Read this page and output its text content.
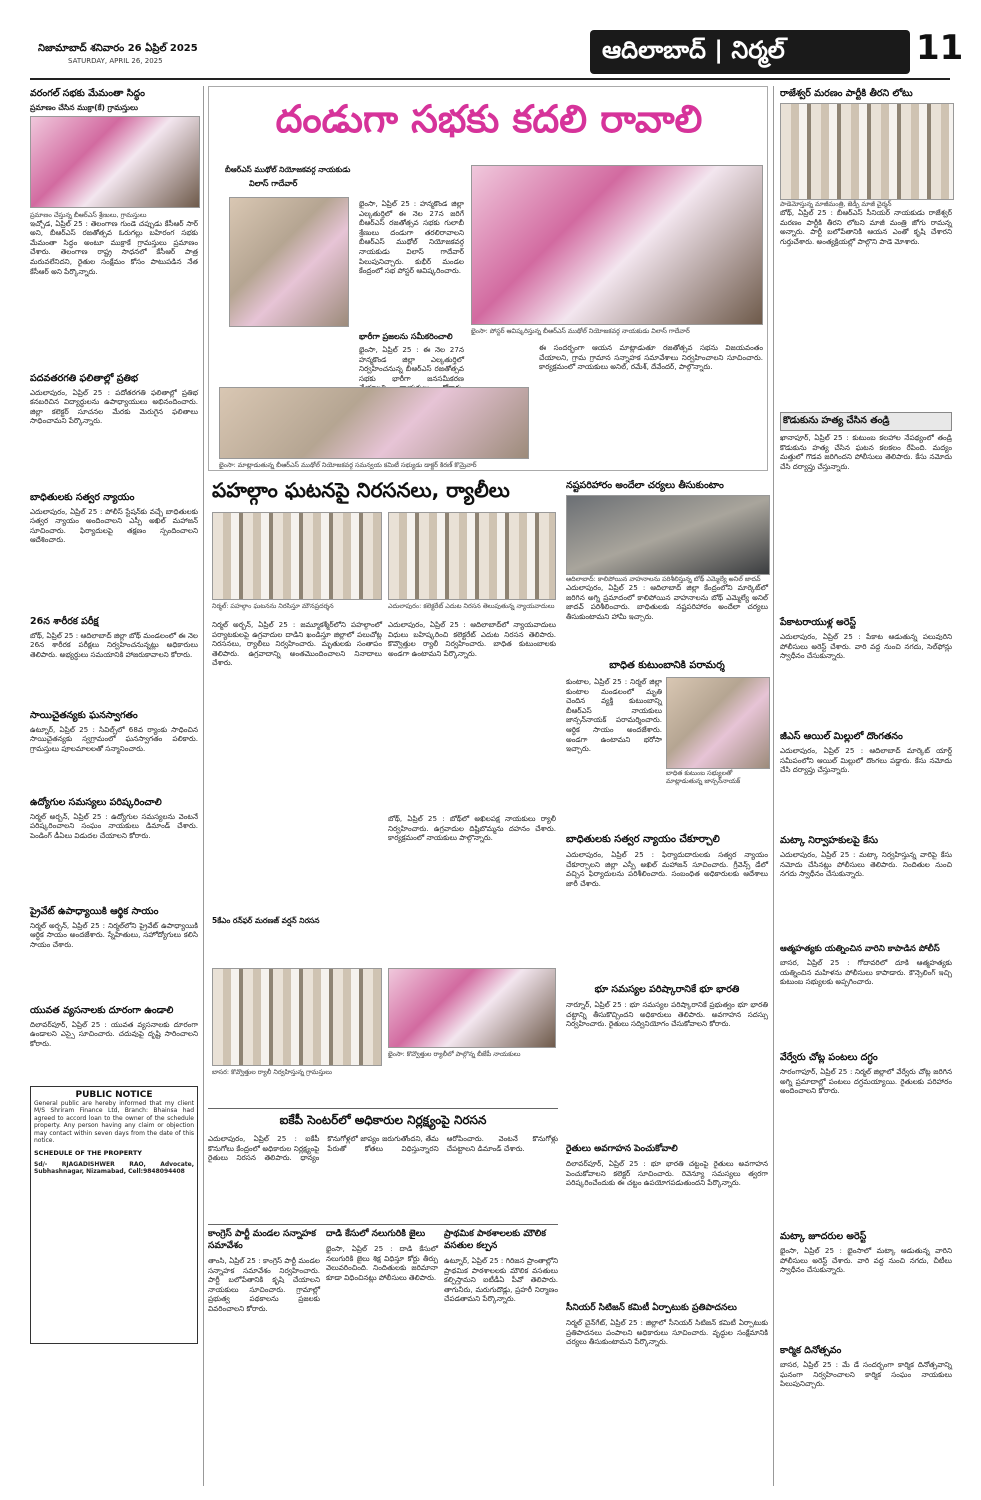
నిజామాబాద్ శనివారం 26 ఏప్రిల్ 2025
SATURDAY, APRIL 26, 2025	ఆదిలాబాద్ | నిర్మల్	11
వరంగల్ సభకు మేమంతా సిద్ధం
ప్రమాణం చేసిన ముక్రా(కే) గ్రామస్తులు
ప్రమాణం చేస్తున్న బీఆర్‌ఎస్ శ్రేణులు, గ్రామస్తులు
ఇచ్చోడ, ఏప్రిల్ 25 : తెలంగాణ గుండె చప్పుడు కేసీఆర్ సార్ అని, బీఆర్‌ఎస్ రజతోత్సవ ఓరుగల్లు బహిరంగ సభకు మేమంతా సిద్ధం అంటూ ముక్రాకే గ్రామస్తులు ప్రమాణం చేశారు. తెలంగాణ రాష్ట్ర సాధనలో కేసీఆర్ పాత్ర మరువలేనిదని, రైతుల సంక్షేమం కోసం పాటుపడిన నేత కేసీఆర్ అని పేర్కొన్నారు.
పదవతరగతి ఫలితాల్లో ప్రతిభ
ఎదులాపురం, ఏప్రిల్ 25 : పదోతరగతి ఫలితాల్లో ప్రతిభ కనబరిచిన విద్యార్థులను ఉపాధ్యాయులు అభినందించారు. జిల్లా కలెక్టర్ సూచనల మేరకు మెరుగైన ఫలితాలు సాధించామని పేర్కొన్నారు.
బాధితులకు సత్వర న్యాయం
ఎదులాపురం, ఏప్రిల్ 25 : పోలీస్ స్టేషన్‌కు వచ్చే బాధితులకు సత్వర న్యాయం అందించాలని ఎస్పీ అఖిల్ మహాజన్ సూచించారు. ఫిర్యాదులపై తక్షణం స్పందించాలని ఆదేశించారు.
26న శారీరక పరీక్ష
బోథ్, ఏప్రిల్ 25 : ఆదిలాబాద్ జిల్లా బోథ్ మండలంలో ఈ నెల 26న శారీరక పరీక్షలు నిర్వహించనున్నట్లు అధికారులు తెలిపారు. అభ్యర్థులు సమయానికి హాజరుకావాలని కోరారు.
సాయిచైతన్యకు ఘనస్వాగతం
ఉట్నూర్, ఏప్రిల్ 25 : సివిల్స్‌లో 68వ ర్యాంకు సాధించిన సాయిచైతన్యకు స్వగ్రామంలో ఘనస్వాగతం పలికారు. గ్రామస్తులు పూలమాలలతో సన్మానించారు.
ఉద్యోగుల సమస్యలు పరిష్కరించాలి
నిర్మల్ అర్బన్, ఏప్రిల్ 25 : ఉద్యోగుల సమస్యలను వెంటనే పరిష్కరించాలని సంఘం నాయకులు డిమాండ్ చేశారు. పెండింగ్ డీఏలు విడుదల చేయాలని కోరారు.
ప్రైవేట్ ఉపాధ్యాయికి ఆర్థిక సాయం
నిర్మల్ అర్బన్, ఏప్రిల్ 25 : నిర్మల్‌లోని ప్రైవేట్ ఉపాధ్యాయికి ఆర్థిక సాయం అందజేశారు. స్నేహితులు, సహోద్యోగులు కలిసి సాయం చేశారు.
యువత వ్యసనాలకు దూరంగా ఉండాలి
దిలావర్‌పూర్, ఏప్రిల్ 25 : యువత వ్యసనాలకు దూరంగా ఉండాలని ఎస్సై సూచించారు. చదువుపై దృష్టి సారించాలని కోరారు.
PUBLIC NOTICE
General public are hereby informed that my client M/S Shriram Finance Ltd, Branch: Bhainsa had agreed to accord loan to the owner of the schedule property. Any person having any claim or objection may contact within seven days from the date of this notice.
SCHEDULE OF THE PROPERTY
Sd/- RJAGADISHWER RAO, Advocate, Subhashnagar, Nizamabad, Cell:9848094408
దండుగా సభకు కదలి రావాలి
బీఆర్‌ఎస్ ముథోల్ నియోజకవర్గ నాయకుడు
విలాస్ గాదేవార్
భైంసా, ఏప్రిల్ 25 : హన్మకొండ జిల్లా ఎల్కతుర్తిలో ఈ నెల 27న జరిగే బీఆర్‌ఎస్ రజతోత్సవ సభకు గులాబీ శ్రేణులు దండుగా తరలిరావాలని బీఆర్‌ఎస్ ముథోల్ నియోజకవర్గ నాయకుడు విలాస్ గాదేవార్ పిలుపునిచ్చారు. కుభీర్ మండల కేంద్రంలో సభ పోస్టర్ ఆవిష్కరించారు.
భైంసా: పోస్టర్ ఆవిష్కరిస్తున్న బీఆర్‌ఎస్ ముథోల్ నియోజకవర్గ నాయకుడు విలాస్ గాదేవార్
భారీగా ప్రజలను సమీకరించాలి
భైంసా, ఏప్రిల్ 25 : ఈ నెల 27న హన్మకొండ జిల్లా ఎల్కతుర్తిలో నిర్వహించనున్న బీఆర్‌ఎస్ రజతోత్సవ సభకు భారీగా జనసమీకరణ
భైంసా: మాట్లాడుతున్న బీఆర్‌ఎస్ ముథోల్ నియోజకవర్గ సమన్వయ కమిటీ సభ్యుడు డాక్టర్ కిరణ్ కొమ్రెవార్
ఈ సందర్భంగా ఆయన మాట్లాడుతూ రజతోత్సవ సభను విజయవంతం చేయాలని, గ్రామ గ్రామాన సన్నాహక సమావేశాలు నిర్వహించాలని సూచించారు. కార్యక్రమంలో నాయకులు అనిల్, రమేశ్, దేవేందర్, పాల్గొన్నారు.
పహల్గాం ఘటనపై నిరసనలు, ర్యాలీలు
నిర్మల్: పహల్గాం ఘటనను నిరసిస్తూ మౌనప్రదర్శన	ఎదులాపురం: కలెక్టరేట్ ఎదుట నిరసన తెలుపుతున్న న్యాయవాదులు
నిర్మల్ అర్బన్, ఏప్రిల్ 25 : జమ్మూకశ్మీర్‌లోని పహల్గాంలో పర్యాటకులపై ఉగ్రవాదుల దాడిని ఖండిస్తూ జిల్లాలో పలుచోట్ల నిరసనలు, ర్యాలీలు నిర్వహించారు. మృతులకు సంతాపం తెలిపారు. ఉగ్రవాదాన్ని అంతమొందించాలని నినాదాలు చేశారు.
ఎదులాపురం, ఏప్రిల్ 25 : ఆదిలాబాద్‌లో న్యాయవాదులు విధులు బహిష్కరించి కలెక్టరేట్ ఎదుట నిరసన తెలిపారు. కొవ్వొత్తుల ర్యాలీ నిర్వహించారు. బాధిత కుటుంబాలకు అండగా ఉంటామని పేర్కొన్నారు.
బోథ్, ఏప్రిల్ 25 : బోథ్‌లో అఖిలపక్ష నాయకులు ర్యాలీ నిర్వహించారు. ఉగ్రవాదుల దిష్టిబొమ్మను దహనం చేశారు. కార్యక్రమంలో నాయకులు పాల్గొన్నారు.
5కేఎం రన్‌ఫర్ మరణజ్ వర్షన్ నిరసన
బాసర: కొవ్వొత్తుల ర్యాలీ నిర్వహిస్తున్న గ్రామస్తులు
భైంసా: కొవ్వొత్తుల ర్యాలీలో పాల్గొన్న బీజేపీ నాయకులు
ఐకేపీ సెంటర్‌లో అధికారుల నిర్లక్ష్యంపై నిరసన
ఎదులాపురం, ఏప్రిల్ 25 : ఐకేపీ కొనుగోలు కేంద్రంలో అధికారుల నిర్లక్ష్యంపై రైతులు నిరసన తెలిపారు. ధాన్యం కొనుగోళ్లలో జాప్యం జరుగుతోందని, తేమ పేరుతో కోతలు విధిస్తున్నారని ఆరోపించారు. వెంటనే కొనుగోళ్లు చేపట్టాలని డిమాండ్ చేశారు.
నష్టపరిహారం అందేలా చర్యలు తీసుకుంటాం
ఆదిలాబాద్: కాలిపోయిన వాహనాలను పరిశీలిస్తున్న బోథ్ ఎమ్మెల్యే అనిల్ జాదవ్
ఎదులాపురం, ఏప్రిల్ 25 : ఆదిలాబాద్ జిల్లా కేంద్రంలోని మార్కెట్‌లో జరిగిన అగ్ని ప్రమాదంలో కాలిపోయిన వాహనాలను బోథ్ ఎమ్మెల్యే అనిల్ జాదవ్ పరిశీలించారు. బాధితులకు నష్టపరిహారం అందేలా చర్యలు తీసుకుంటామని హామీ ఇచ్చారు.
బాధిత కుటుంబానికి పరామర్శ
కుంటాల, ఏప్రిల్ 25 : నిర్మల్ జిల్లా కుంటాల మండలంలో మృతి చెందిన వ్యక్తి కుటుంబాన్ని బీఆర్‌ఎస్ నాయకులు జాన్సన్‌నాయక్ పరామర్శించారు. ఆర్థిక సాయం అందజేశారు. అండగా ఉంటామని భరోసా ఇచ్చారు.
బాధిత కుటుంబ సభ్యులతో మాట్లాడుతున్న జాన్సన్‌నాయక్
బాధితులకు సత్వర న్యాయం చేకూర్చాలి
ఎదులాపురం, ఏప్రిల్ 25 : ఫిర్యాదుదారులకు సత్వర న్యాయం చేకూర్చాలని జిల్లా ఎస్పీ అఖిల్ మహాజన్ సూచించారు. గ్రీవెన్స్ డేలో వచ్చిన ఫిర్యాదులను పరిశీలించారు. సంబంధిత అధికారులకు ఆదేశాలు జారీ చేశారు.
భూ సమస్యల పరిష్కారానికే భూ భారతి
నార్నూర్, ఏప్రిల్ 25 : భూ సమస్యల పరిష్కారానికే ప్రభుత్వం భూ భారతి చట్టాన్ని తీసుకొచ్చిందని అధికారులు తెలిపారు. అవగాహన సదస్సు నిర్వహించారు. రైతులు సద్వినియోగం చేసుకోవాలని కోరారు.
రైతులు అవగాహన పెంచుకోవాలి
దిలావర్‌పూర్, ఏప్రిల్ 25 : భూ భారతి చట్టంపై రైతులు అవగాహన పెంచుకోవాలని కలెక్టర్ సూచించారు. రెవెన్యూ సమస్యలు త్వరగా పరిష్కరించేందుకు ఈ చట్టం ఉపయోగపడుతుందని పేర్కొన్నారు.
సీనియర్ సిటిజన్ కమిటీ ఏర్పాటుకు ప్రతిపాదనలు
నిర్మల్ చైన్‌గేట్, ఏప్రిల్ 25 : జిల్లాలో సీనియర్ సిటిజన్ కమిటీ ఏర్పాటుకు ప్రతిపాదనలు పంపాలని అధికారులు సూచించారు. వృద్ధుల సంక్షేమానికి చర్యలు తీసుకుంటామని పేర్కొన్నారు.
కాంగ్రెస్ పార్టీ మండల సన్నాహక సమావేశం
తాంసి, ఏప్రిల్ 25 : కాంగ్రెస్ పార్టీ మండల సన్నాహక సమావేశం నిర్వహించారు. పార్టీ బలోపేతానికి కృషి చేయాలని నాయకులు సూచించారు. గ్రామాల్లో ప్రభుత్వ పథకాలను ప్రజలకు వివరించాలని కోరారు.
దాడి కేసులో నలుగురికి జైలు
భైంసా, ఏప్రిల్ 25 : దాడి కేసులో నలుగురికి జైలు శిక్ష విధిస్తూ కోర్టు తీర్పు వెలువరించింది. నిందితులకు జరిమానా కూడా విధించినట్లు పోలీసులు తెలిపారు.
ప్రాథమిక పాఠశాలలకు మౌలిక వసతుల కల్పన
ఉట్నూర్, ఏప్రిల్ 25 : గిరిజన ప్రాంతాల్లోని ప్రాథమిక పాఠశాలలకు మౌలిక వసతులు కల్పిస్తామని ఐటీడీఏ పీవో తెలిపారు. తాగునీరు, మరుగుదొడ్లు, ప్రహరీ నిర్మాణం చేపడతామని పేర్కొన్నారు.
రాజేశ్వర్ మరణం పార్టీకి తీరని లోటు
పాడెమోస్తున్న మాజీమంత్రి, జెడ్పీ మాజీ చైర్మన్
బోథ్, ఏప్రిల్ 25 : బీఆర్‌ఎస్ సీనియర్ నాయకుడు రాజేశ్వర్ మరణం పార్టీకి తీరని లోటని మాజీ మంత్రి జోగు రామన్న అన్నారు. పార్టీ బలోపేతానికి ఆయన ఎంతో కృషి చేశారని గుర్తుచేశారు. అంత్యక్రియల్లో పాల్గొని పాడె మోశారు.
కొడుకును హత్య చేసిన తండ్రి
ఖానాపూర్, ఏప్రిల్ 25 : కుటుంబ కలహాల నేపథ్యంలో తండ్రి కొడుకును హత్య చేసిన ఘటన కలకలం రేపింది. మద్యం మత్తులో గొడవ జరిగిందని పోలీసులు తెలిపారు. కేసు నమోదు చేసి దర్యాప్తు చేస్తున్నారు.
పేకాటరాయుళ్ల అరెస్ట్
ఎదులాపురం, ఏప్రిల్ 25 : పేకాట ఆడుతున్న పలువురిని పోలీసులు అరెస్ట్ చేశారు. వారి వద్ద నుంచి నగదు, సెల్‌ఫోన్లు స్వాధీనం చేసుకున్నారు.
జీఎస్ ఆయిల్ మిల్లులో దొంగతనం
ఎదులాపురం, ఏప్రిల్ 25 : ఆదిలాబాద్ మార్కెట్ యార్డ్ సమీపంలోని ఆయిల్ మిల్లులో దొంగలు పడ్డారు. కేసు నమోదు చేసి దర్యాప్తు చేస్తున్నారు.
మట్కా నిర్వాహకులపై కేసు
ఎదులాపురం, ఏప్రిల్ 25 : మట్కా నిర్వహిస్తున్న వారిపై కేసు నమోదు చేసినట్లు పోలీసులు తెలిపారు. నిందితుల నుంచి నగదు స్వాధీనం చేసుకున్నారు.
ఆత్మహత్యకు యత్నించిన వారిని కాపాడిన పోలీస్
బాసర, ఏప్రిల్ 25 : గోదావరిలో దూకి ఆత్మహత్యకు యత్నించిన మహిళను పోలీసులు కాపాడారు. కౌన్సెలింగ్ ఇచ్చి కుటుంబ సభ్యులకు అప్పగించారు.
వేర్వేరు చోట్ల పంటలు దగ్ధం
సారంగాపూర్, ఏప్రిల్ 25 : నిర్మల్ జిల్లాలో వేర్వేరు చోట్ల జరిగిన అగ్ని ప్రమాదాల్లో పంటలు దగ్ధమయ్యాయి. రైతులకు పరిహారం అందించాలని కోరారు.
మట్కా జూదరుల అరెస్ట్
భైంసా, ఏప్రిల్ 25 : భైంసాలో మట్కా ఆడుతున్న వారిని పోలీసులు అరెస్ట్ చేశారు. వారి వద్ద నుంచి నగదు, చీటీలు స్వాధీనం చేసుకున్నారు.
కార్మిక దినోత్సవం
బాసర, ఏప్రిల్ 25 : మే డే సందర్భంగా కార్మిక దినోత్సవాన్ని ఘనంగా నిర్వహించాలని కార్మిక సంఘం నాయకులు పిలుపునిచ్చారు.
